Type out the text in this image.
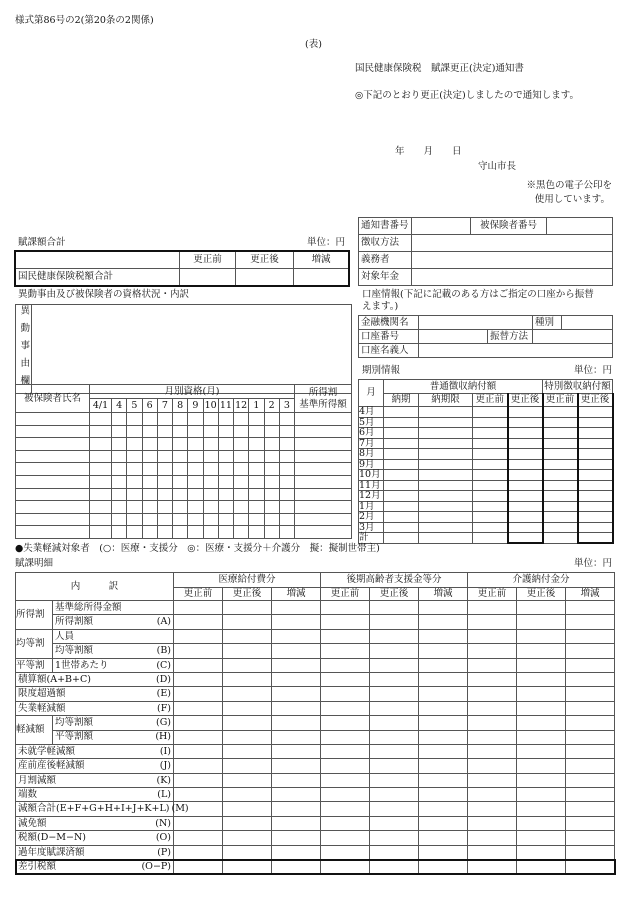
様式第86号の2(第20条の2関係)
(表)
国民健康保険税　賦課更正(決定)通知書
◎下記のとおり更正(決定)しましたので通知します。
年　　月　　日
守山市長
※黒色の電子公印を
使用しています。
通知書番号		被保険者番号	
徴収方法			
義務者			
対象年金			
賦課額合計	単位：円
	更正前	更正後	増減
国民健康保険税額合計			
口座情報(下記に記載のある方はご指定の口座から振替
えます。)
金融機関名			種別	
口座番号		振替方法		
口座名義人				
異動事由及び被保険者の資格状況・内訳
異動事由欄	
被保険者氏名	月別資格(月)													所得割
基準所得額

	4/1	4	5	6	7	8	9	10	11	12	1	2	3	

期別情報	単位：円
月	普通徴収納付額				特別徴収納付額	
	納期	納期限	更正前	更正後	更正前	更正後
4月						
5月						
6月						
7月						
8月						
9月						
10月						
11月						
12月						
1月						
2月						
3月						
計						
●失業軽減対象者　(○：医療・支援分　◎：医療・支援分＋介護分　擬：擬制世帯主)
賦課明細	単位：円
内　　　訳		医療給付費分			後期高齢者支援金等分			介護納付金分		
		更正前	更正後	増減	更正前	更正後	増減	更正前	更正後	増減
所得割	基準総所得金額									

	所得割額 (A)									

均等割	人員									

	均等割額 (B)									

平等割	1世帯あたり (C)									

積算額(A+B+C) (D)										

限度超過額 (E)										

失業軽減額 (F)										

軽減額	均等割額 (G)									

	平等割額 (H)									

未就学軽減額 (I)										

産前産後軽減額 (J)										

月割減額 (K)										

端数 (L)										

減額合計(E+F+G+H+I+J+K+L) (M)										

減免額 (N)										

税額(D−M−N) (O)										

過年度賦課済額 (P)										

差引税額 (O−P)										
